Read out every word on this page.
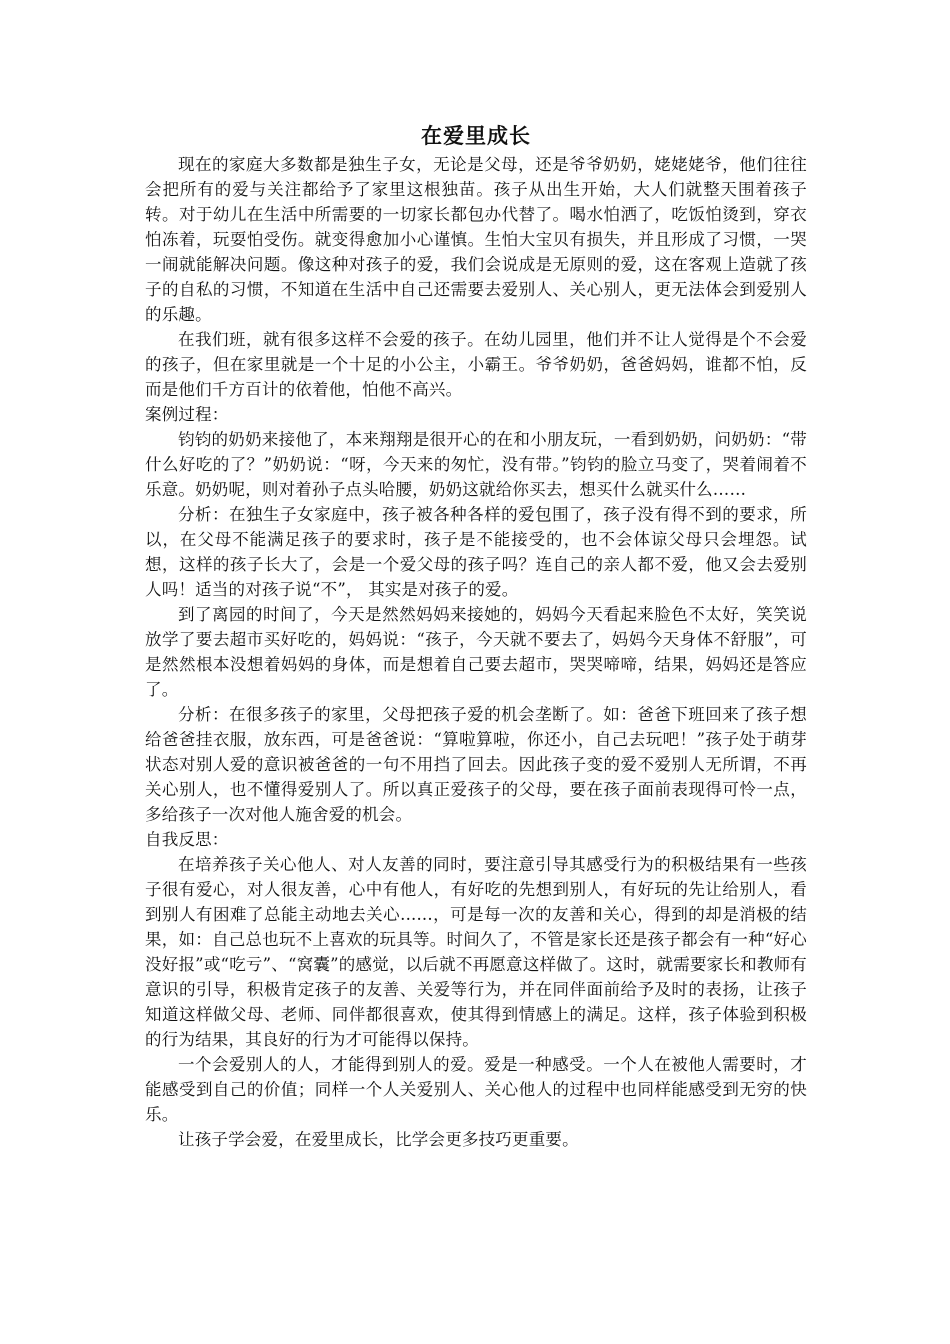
在爱里成长

现在的家庭大多数都是独生子女，无论是父母，还是爷爷奶奶，姥姥姥爷，他们往往会把所有的爱与关注都给予了家里这根独苗。孩子从出生开始，大人们就整天围着孩子转。对于幼儿在生活中所需要的一切家长都包办代替了。喝水怕洒了，吃饭怕烫到，穿衣怕冻着，玩耍怕受伤。就变得愈加小心谨慎。生怕大宝贝有损失，并且形成了习惯，一哭一闹就能解决问题。像这种对孩子的爱，我们会说成是无原则的爱，这在客观上造就了孩子的自私的习惯，不知道在生活中自己还需要去爱别人、关心别人，更无法体会到爱别人的乐趣。

在我们班，就有很多这样不会爱的孩子。在幼儿园里，他们并不让人觉得是个不会爱的孩子，但在家里就是一个十足的小公主，小霸王。爷爷奶奶，爸爸妈妈，谁都不怕，反而是他们千方百计的依着他，怕他不高兴。

案例过程：

钧钧的奶奶来接他了，本来翔翔是很开心的在和小朋友玩，一看到奶奶，问奶奶：“带什么好吃的了？”奶奶说：“呀，今天来的匆忙，没有带。”钧钧的脸立马变了，哭着闹着不乐意。奶奶呢，则对着孙子点头哈腰，奶奶这就给你买去，想买什么就买什么……

分析：在独生子女家庭中，孩子被各种各样的爱包围了，孩子没有得不到的要求，所以，在父母不能满足孩子的要求时，孩子是不能接受的，也不会体谅父母只会埋怨。试想，这样的孩子长大了，会是一个爱父母的孩子吗？连自己的亲人都不爱，他又会去爱别人吗！适当的对孩子说“不”， 其实是对孩子的爱。

到了离园的时间了，今天是然然妈妈来接她的，妈妈今天看起来脸色不太好，笑笑说放学了要去超市买好吃的，妈妈说：“孩子，今天就不要去了，妈妈今天身体不舒服”，可是然然根本没想着妈妈的身体，而是想着自己要去超市，哭哭啼啼，结果，妈妈还是答应了。

分析：在很多孩子的家里，父母把孩子爱的机会垄断了。如：爸爸下班回来了孩子想给爸爸挂衣服，放东西，可是爸爸说：“算啦算啦，你还小，自己去玩吧！”孩子处于萌芽状态对别人爱的意识被爸爸的一句不用挡了回去。因此孩子变的爱不爱别人无所谓，不再关心别人，也不懂得爱别人了。所以真正爱孩子的父母，要在孩子面前表现得可怜一点，多给孩子一次对他人施舍爱的机会。

自我反思：

在培养孩子关心他人、对人友善的同时，要注意引导其感受行为的积极结果有一些孩子很有爱心，对人很友善，心中有他人，有好吃的先想到别人，有好玩的先让给别人，看到别人有困难了总能主动地去关心......，可是每一次的友善和关心，得到的却是消极的结果，如：自己总也玩不上喜欢的玩具等。时间久了，不管是家长还是孩子都会有一种“好心没好报”或“吃亏”、“窝囊”的感觉，以后就不再愿意这样做了。这时，就需要家长和教师有意识的引导，积极肯定孩子的友善、关爱等行为，并在同伴面前给予及时的表扬，让孩子知道这样做父母、老师、同伴都很喜欢，使其得到情感上的满足。这样，孩子体验到积极的行为结果，其良好的行为才可能得以保持。

一个会爱别人的人，才能得到别人的爱。爱是一种感受。一个人在被他人需要时，才能感受到自己的价值；同样一个人关爱别人、关心他人的过程中也同样能感受到无穷的快乐。

让孩子学会爱，在爱里成长，比学会更多技巧更重要。
